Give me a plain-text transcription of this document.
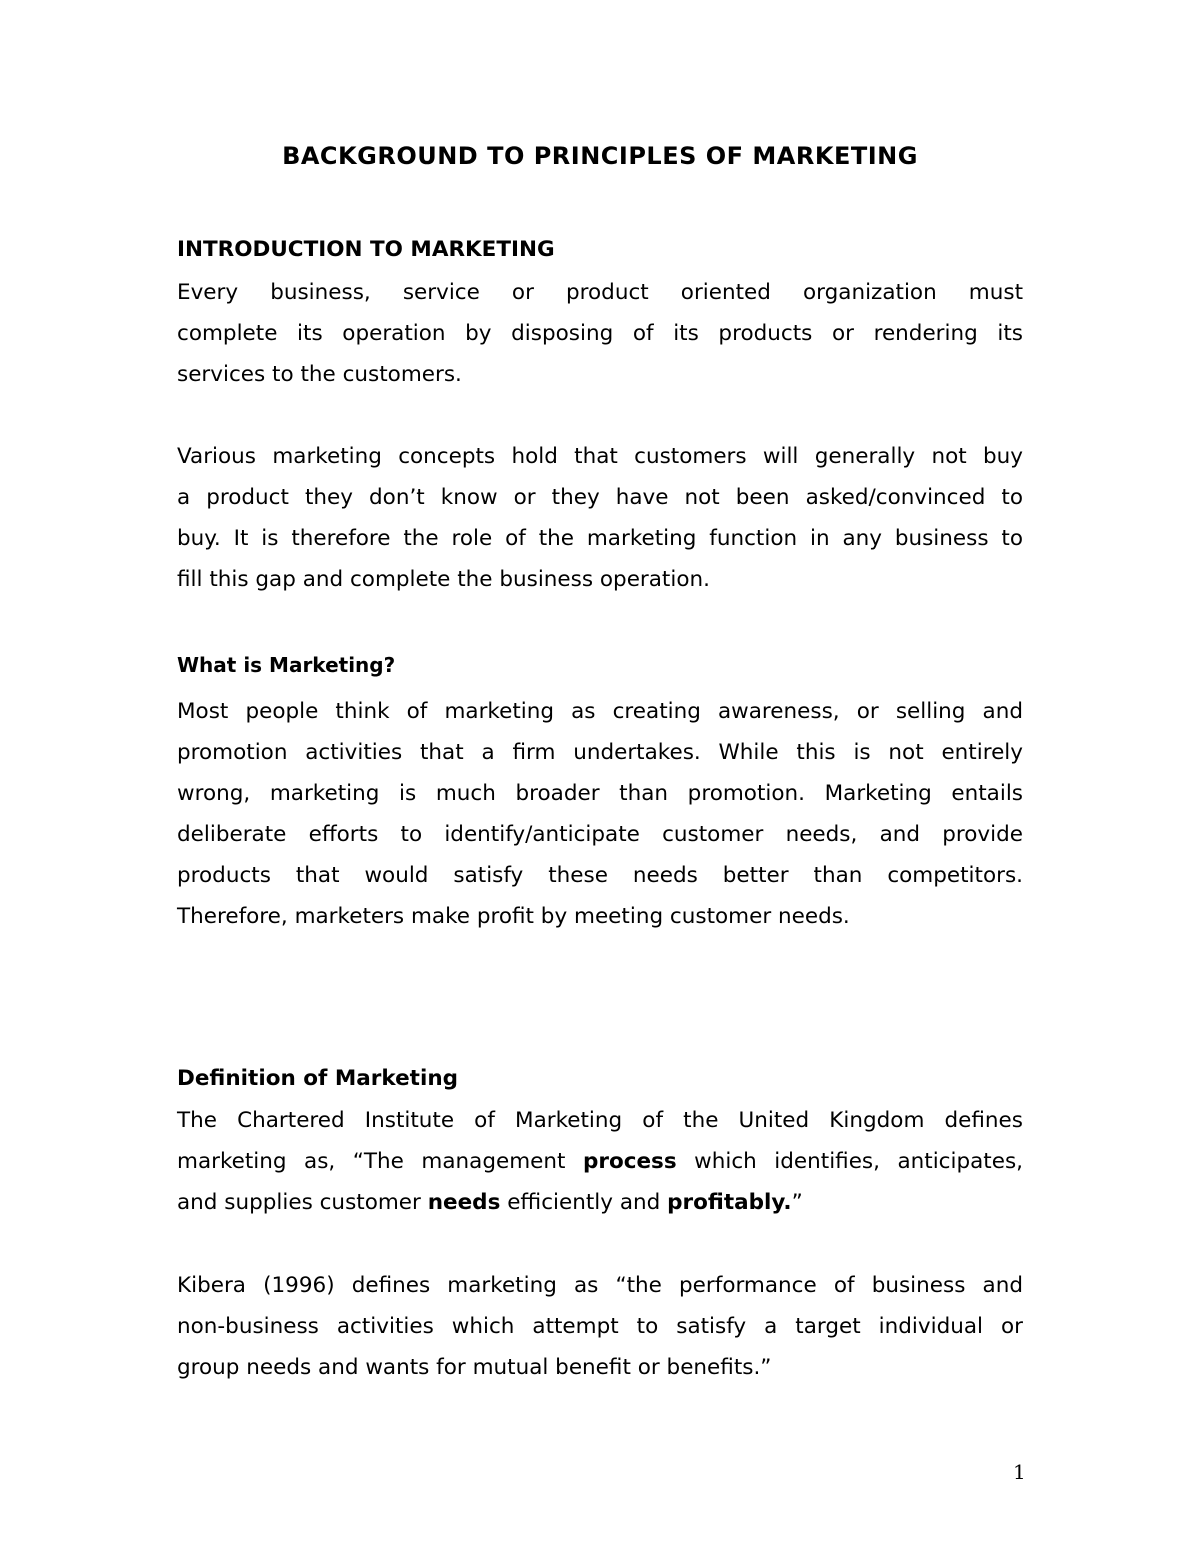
BACKGROUND TO PRINCIPLES OF MARKETING
INTRODUCTION TO MARKETING
Every business, service or product oriented organization must
complete its operation by disposing of its products or rendering its
services to the customers.
Various marketing concepts hold that customers will generally not buy
a product they don’t know or they have not been asked/convinced to
buy. It is therefore the role of the marketing function in any business to
fill this gap and complete the business operation.
What is Marketing?
Most people think of marketing as creating awareness, or selling and
promotion activities that a firm undertakes. While this is not entirely
wrong, marketing is much broader than promotion. Marketing entails
deliberate efforts to identify/anticipate customer needs, and provide
products that would satisfy these needs better than competitors.
Therefore, marketers make profit by meeting customer needs.
Definition of Marketing
The Chartered Institute of Marketing of the United Kingdom defines
marketing as, “The management process which identifies, anticipates,
and supplies customer needs efficiently and profitably.”
Kibera (1996) defines marketing as “the performance of business and
non-business activities which attempt to satisfy a target individual or
group needs and wants for mutual benefit or benefits.”
1
